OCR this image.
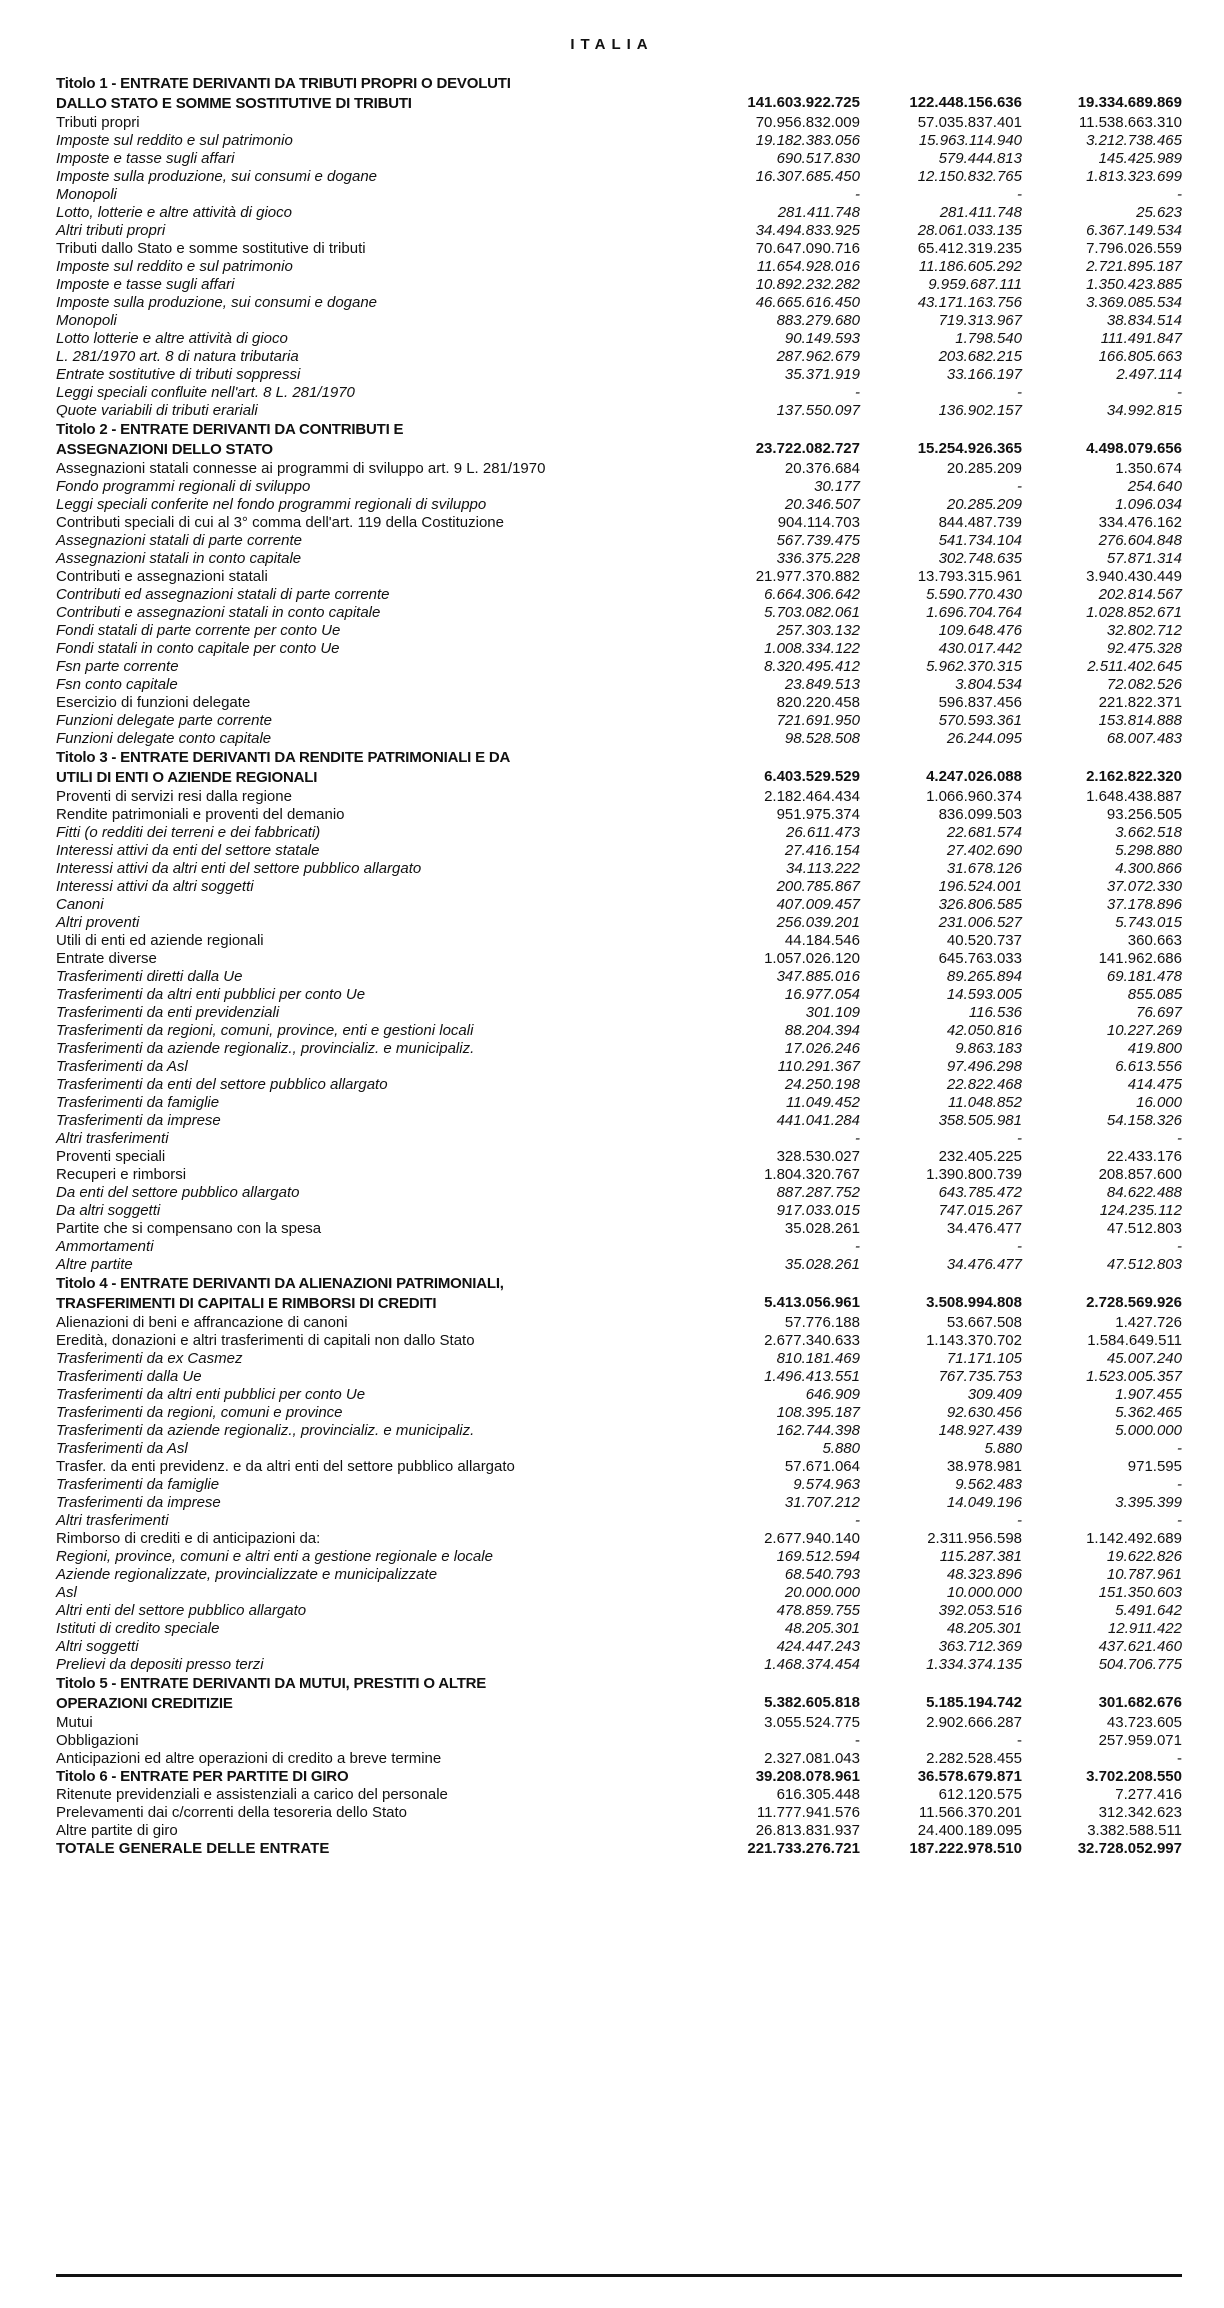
ITALIA
Titolo 1 - ENTRATE DERIVANTI DA TRIBUTI PROPRI O DEVOLUTI
DALLO STATO E SOMME SOSTITUTIVE DI TRIBUTI	141.603.922.725	122.448.156.636	19.334.689.869
Tributi propri	70.956.832.009	57.035.837.401	11.538.663.310
Imposte sul reddito e sul patrimonio	19.182.383.056	15.963.114.940	3.212.738.465
Imposte e tasse sugli affari	690.517.830	579.444.813	145.425.989
Imposte sulla produzione, sui consumi e dogane	16.307.685.450	12.150.832.765	1.813.323.699
Monopoli	-	-	-
Lotto, lotterie e altre attività di gioco	281.411.748	281.411.748	25.623
Altri tributi propri	34.494.833.925	28.061.033.135	6.367.149.534
Tributi dallo Stato e somme sostitutive di tributi	70.647.090.716	65.412.319.235	7.796.026.559
Imposte sul reddito e sul patrimonio	11.654.928.016	11.186.605.292	2.721.895.187
Imposte e tasse sugli affari	10.892.232.282	9.959.687.111	1.350.423.885
Imposte sulla produzione, sui consumi e dogane	46.665.616.450	43.171.163.756	3.369.085.534
Monopoli	883.279.680	719.313.967	38.834.514
Lotto lotterie e altre attività di gioco	90.149.593	1.798.540	111.491.847
L. 281/1970 art. 8 di natura tributaria	287.962.679	203.682.215	166.805.663
Entrate sostitutive di tributi soppressi	35.371.919	33.166.197	2.497.114
Leggi speciali confluite nell'art. 8 L. 281/1970	-	-	-
Quote variabili di tributi erariali	137.550.097	136.902.157	34.992.815
Titolo 2 - ENTRATE DERIVANTI DA CONTRIBUTI E
ASSEGNAZIONI DELLO STATO	23.722.082.727	15.254.926.365	4.498.079.656
Assegnazioni statali connesse ai programmi di sviluppo art. 9 L. 281/1970	20.376.684	20.285.209	1.350.674
Fondo programmi regionali di sviluppo	30.177	-	254.640
Leggi speciali conferite nel fondo programmi regionali di sviluppo	20.346.507	20.285.209	1.096.034
Contributi speciali di cui al 3° comma dell'art. 119 della Costituzione	904.114.703	844.487.739	334.476.162
Assegnazioni statali di parte corrente	567.739.475	541.734.104	276.604.848
Assegnazioni statali in conto capitale	336.375.228	302.748.635	57.871.314
Contributi e assegnazioni statali	21.977.370.882	13.793.315.961	3.940.430.449
Contributi ed assegnazioni statali di parte corrente	6.664.306.642	5.590.770.430	202.814.567
Contributi e assegnazioni statali in conto capitale	5.703.082.061	1.696.704.764	1.028.852.671
Fondi statali di parte corrente per conto Ue	257.303.132	109.648.476	32.802.712
Fondi statali in conto capitale per conto Ue	1.008.334.122	430.017.442	92.475.328
Fsn parte corrente	8.320.495.412	5.962.370.315	2.511.402.645
Fsn conto capitale	23.849.513	3.804.534	72.082.526
Esercizio di funzioni delegate	820.220.458	596.837.456	221.822.371
Funzioni delegate parte corrente	721.691.950	570.593.361	153.814.888
Funzioni delegate conto capitale	98.528.508	26.244.095	68.007.483
Titolo 3 - ENTRATE DERIVANTI DA RENDITE PATRIMONIALI E DA
UTILI DI ENTI O AZIENDE REGIONALI	6.403.529.529	4.247.026.088	2.162.822.320
Proventi di servizi resi dalla regione	2.182.464.434	1.066.960.374	1.648.438.887
Rendite patrimoniali e proventi del demanio	951.975.374	836.099.503	93.256.505
Fitti (o redditi dei terreni e dei fabbricati)	26.611.473	22.681.574	3.662.518
Interessi attivi da enti del settore statale	27.416.154	27.402.690	5.298.880
Interessi attivi da altri enti del settore pubblico allargato	34.113.222	31.678.126	4.300.866
Interessi attivi da altri soggetti	200.785.867	196.524.001	37.072.330
Canoni	407.009.457	326.806.585	37.178.896
Altri proventi	256.039.201	231.006.527	5.743.015
Utili di enti ed aziende regionali	44.184.546	40.520.737	360.663
Entrate diverse	1.057.026.120	645.763.033	141.962.686
Trasferimenti diretti dalla Ue	347.885.016	89.265.894	69.181.478
Trasferimenti da altri enti pubblici per conto Ue	16.977.054	14.593.005	855.085
Trasferimenti da enti previdenziali	301.109	116.536	76.697
Trasferimenti da regioni, comuni, province, enti e gestioni locali	88.204.394	42.050.816	10.227.269
Trasferimenti da aziende regionaliz., provincializ. e municipaliz.	17.026.246	9.863.183	419.800
Trasferimenti da Asl	110.291.367	97.496.298	6.613.556
Trasferimenti da enti del settore pubblico allargato	24.250.198	22.822.468	414.475
Trasferimenti da famiglie	11.049.452	11.048.852	16.000
Trasferimenti da imprese	441.041.284	358.505.981	54.158.326
Altri trasferimenti	-	-	-
Proventi speciali	328.530.027	232.405.225	22.433.176
Recuperi e rimborsi	1.804.320.767	1.390.800.739	208.857.600
Da enti del settore pubblico allargato	887.287.752	643.785.472	84.622.488
Da altri soggetti	917.033.015	747.015.267	124.235.112
Partite che si compensano con la spesa	35.028.261	34.476.477	47.512.803
Ammortamenti	-	-	-
Altre partite	35.028.261	34.476.477	47.512.803
Titolo 4 - ENTRATE DERIVANTI DA ALIENAZIONI PATRIMONIALI,
TRASFERIMENTI DI CAPITALI E RIMBORSI DI CREDITI	5.413.056.961	3.508.994.808	2.728.569.926
Alienazioni di beni e affrancazione di canoni	57.776.188	53.667.508	1.427.726
Eredità, donazioni e altri trasferimenti di capitali non dallo Stato	2.677.340.633	1.143.370.702	1.584.649.511
Trasferimenti da ex Casmez	810.181.469	71.171.105	45.007.240
Trasferimenti dalla Ue	1.496.413.551	767.735.753	1.523.005.357
Trasferimenti da altri enti pubblici per conto Ue	646.909	309.409	1.907.455
Trasferimenti da regioni, comuni e province	108.395.187	92.630.456	5.362.465
Trasferimenti da aziende regionaliz., provincializ. e municipaliz.	162.744.398	148.927.439	5.000.000
Trasferimenti da Asl	5.880	5.880	-
Trasfer. da enti previdenz. e da altri enti del settore pubblico allargato	57.671.064	38.978.981	971.595
Trasferimenti da famiglie	9.574.963	9.562.483	-
Trasferimenti da imprese	31.707.212	14.049.196	3.395.399
Altri trasferimenti	-	-	-
Rimborso di crediti e di anticipazioni da:	2.677.940.140	2.311.956.598	1.142.492.689
Regioni, province, comuni e altri enti a gestione regionale e locale	169.512.594	115.287.381	19.622.826
Aziende regionalizzate, provincializzate e municipalizzate	68.540.793	48.323.896	10.787.961
Asl	20.000.000	10.000.000	151.350.603
Altri enti del settore pubblico allargato	478.859.755	392.053.516	5.491.642
Istituti di credito speciale	48.205.301	48.205.301	12.911.422
Altri soggetti	424.447.243	363.712.369	437.621.460
Prelievi da depositi presso terzi	1.468.374.454	1.334.374.135	504.706.775
Titolo 5 - ENTRATE DERIVANTI DA MUTUI, PRESTITI O ALTRE
OPERAZIONI CREDITIZIE	5.382.605.818	5.185.194.742	301.682.676
Mutui	3.055.524.775	2.902.666.287	43.723.605
Obbligazioni	-	-	257.959.071
Anticipazioni ed altre operazioni di credito a breve termine	2.327.081.043	2.282.528.455	-
Titolo 6 - ENTRATE PER PARTITE DI GIRO	39.208.078.961	36.578.679.871	3.702.208.550
Ritenute previdenziali e assistenziali a carico del personale	616.305.448	612.120.575	7.277.416
Prelevamenti dai c/correnti della tesoreria dello Stato	11.777.941.576	11.566.370.201	312.342.623
Altre partite di giro	26.813.831.937	24.400.189.095	3.382.588.511
TOTALE GENERALE DELLE ENTRATE	221.733.276.721	187.222.978.510	32.728.052.997
